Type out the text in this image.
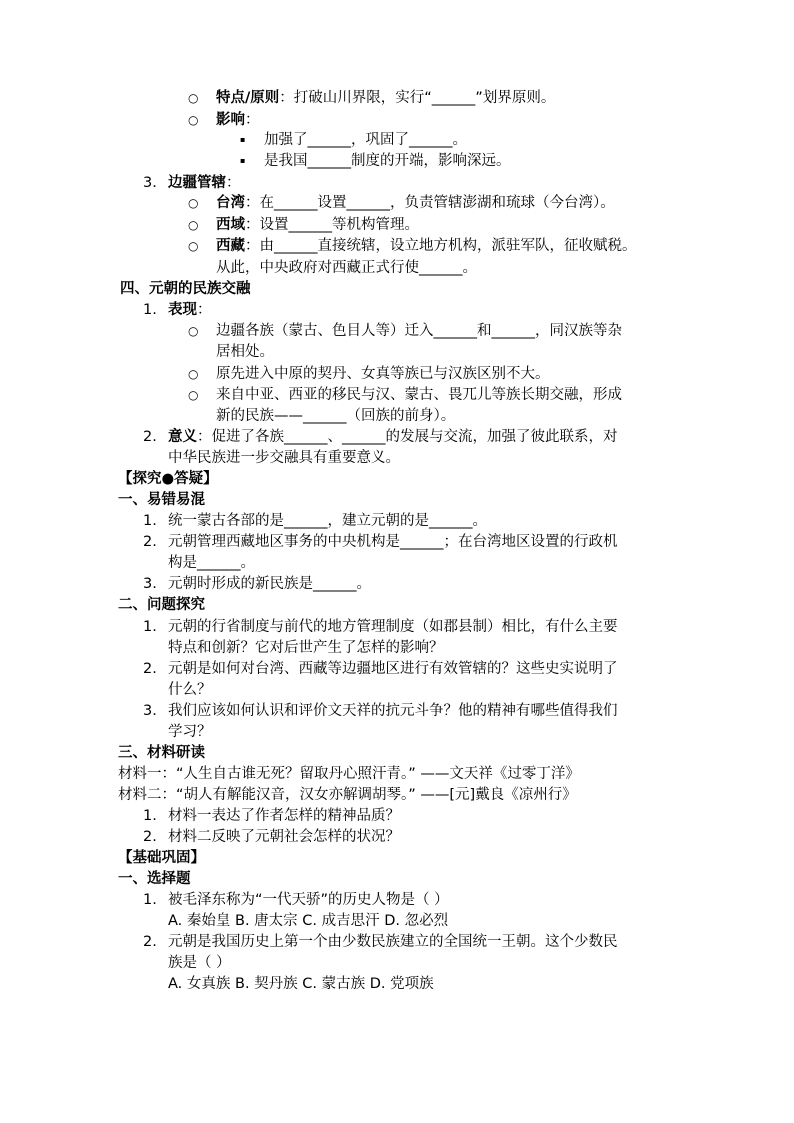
○ 特点/原则：打破山川界限，实行“______”划界原则。
○ 影响：
▪ 加强了______，巩固了______。
▪ 是我国______制度的开端，影响深远。
3. 边疆管辖：
○ 台湾：在______设置______，负责管辖澎湖和琉球（今台湾）。
○ 西域：设置______等机构管理。
○ 西藏：由______直接统辖，设立地方机构，派驻军队，征收赋税。
从此，中央政府对西藏正式行使______。
四、元朝的民族交融
1. 表现：
○ 边疆各族（蒙古、色目人等）迁入______和______，同汉族等杂
居相处。
○ 原先进入中原的契丹、女真等族已与汉族区别不大。
○ 来自中亚、西亚的移民与汉、蒙古、畏兀儿等族长期交融，形成
新的民族——______（回族的前身）。
2. 意义：促进了各族______、______的发展与交流，加强了彼此联系，对
中华民族进一步交融具有重要意义。
【探究●答疑】
一、易错易混
1. 统一蒙古各部的是______，建立元朝的是______。
2. 元朝管理西藏地区事务的中央机构是______；在台湾地区设置的行政机
构是______。
3. 元朝时形成的新民族是______。
二、问题探究
1. 元朝的行省制度与前代的地方管理制度（如郡县制）相比，有什么主要
特点和创新？它对后世产生了怎样的影响？
2. 元朝是如何对台湾、西藏等边疆地区进行有效管辖的？这些史实说明了
什么？
3. 我们应该如何认识和评价文天祥的抗元斗争？他的精神有哪些值得我们
学习？
三、材料研读
材料一：“人生自古谁无死？留取丹心照汗青。” ——文天祥《过零丁洋》
材料二：“胡人有解能汉音，汉女亦解调胡琴。” ——[元]戴良《凉州行》
1. 材料一表达了作者怎样的精神品质？
2. 材料二反映了元朝社会怎样的状况？
【基础巩固】
一、选择题
1. 被毛泽东称为“一代天骄”的历史人物是（ ）
A. 秦始皇 B. 唐太宗 C. 成吉思汗 D. 忽必烈
2. 元朝是我国历史上第一个由少数民族建立的全国统一王朝。这个少数民
族是（ ）
A. 女真族 B. 契丹族 C. 蒙古族 D. 党项族
